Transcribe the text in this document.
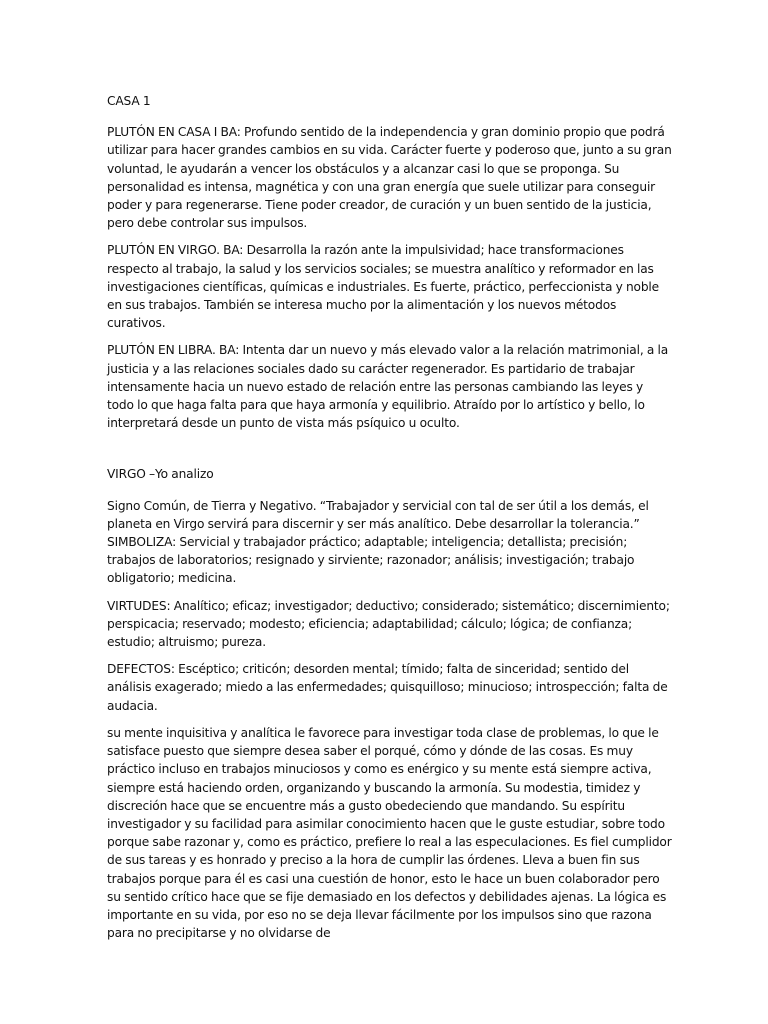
CASA 1

PLUTÓN EN CASA I BA: Profundo sentido de la independencia y gran dominio propio que podrá utilizar para hacer grandes cambios en su vida. Carácter fuerte y poderoso que, junto a su gran voluntad, le ayudarán a vencer los obstáculos y a alcanzar casi lo que se proponga. Su personalidad es intensa, magnética y con una gran energía que suele utilizar para conseguir poder y para regenerarse. Tiene poder creador, de curación y un buen sentido de la justicia, pero debe controlar sus impulsos.

PLUTÓN EN VIRGO. BA: Desarrolla la razón ante la impulsividad; hace transformaciones respecto al trabajo, la salud y los servicios sociales; se muestra analítico y reformador en las investigaciones científicas, químicas e industriales. Es fuerte, práctico, perfeccionista y noble en sus trabajos. También se interesa mucho por la alimentación y los nuevos métodos curativos.

PLUTÓN EN LIBRA. BA: Intenta dar un nuevo y más elevado valor a la relación matrimonial, a la justicia y a las relaciones sociales dado su carácter regenerador. Es partidario de trabajar intensamente hacia un nuevo estado de relación entre las personas cambiando las leyes y todo lo que haga falta para que haya armonía y equilibrio. Atraído por lo artístico y bello, lo interpretará desde un punto de vista más psíquico u oculto.

VIRGO –Yo analizo

Signo Común, de Tierra y Negativo. “Trabajador y servicial con tal de ser útil a los demás, el planeta en Virgo servirá para discernir y ser más analítico. Debe desarrollar la tolerancia.”

SIMBOLIZA: Servicial y trabajador práctico; adaptable; inteligencia; detallista; precisión; trabajos de laboratorios; resignado y sirviente; razonador; análisis; investigación; trabajo obligatorio; medicina.

VIRTUDES: Analítico; eficaz; investigador; deductivo; considerado; sistemático; discernimiento; perspicacia; reservado; modesto; eficiencia; adaptabilidad; cálculo; lógica; de confianza; estudio; altruismo; pureza.

DEFECTOS: Escéptico; criticón; desorden mental; tímido; falta de sinceridad; sentido del análisis exagerado; miedo a las enfermedades; quisquilloso; minucioso; introspección; falta de audacia.

su mente inquisitiva y analítica le favorece para investigar toda clase de problemas, lo que le satisface puesto que siempre desea saber el porqué, cómo y dónde de las cosas. Es muy práctico incluso en trabajos minuciosos y como es enérgico y su mente está siempre activa, siempre está haciendo orden, organizando y buscando la armonía. Su modestia, timidez y discreción hace que se encuentre más a gusto obedeciendo que mandando. Su espíritu investigador y su facilidad para asimilar conocimiento hacen que le guste estudiar, sobre todo porque sabe razonar y, como es práctico, prefiere lo real a las especulaciones. Es fiel cumplidor de sus tareas y es honrado y preciso a la hora de cumplir las órdenes. Lleva a buen fin sus trabajos porque para él es casi una cuestión de honor, esto le hace un buen colaborador pero su sentido crítico hace que se fije demasiado en los defectos y debilidades ajenas. La lógica es importante en su vida, por eso no se deja llevar fácilmente por los impulsos sino que razona para no precipitarse y no olvidarse de
